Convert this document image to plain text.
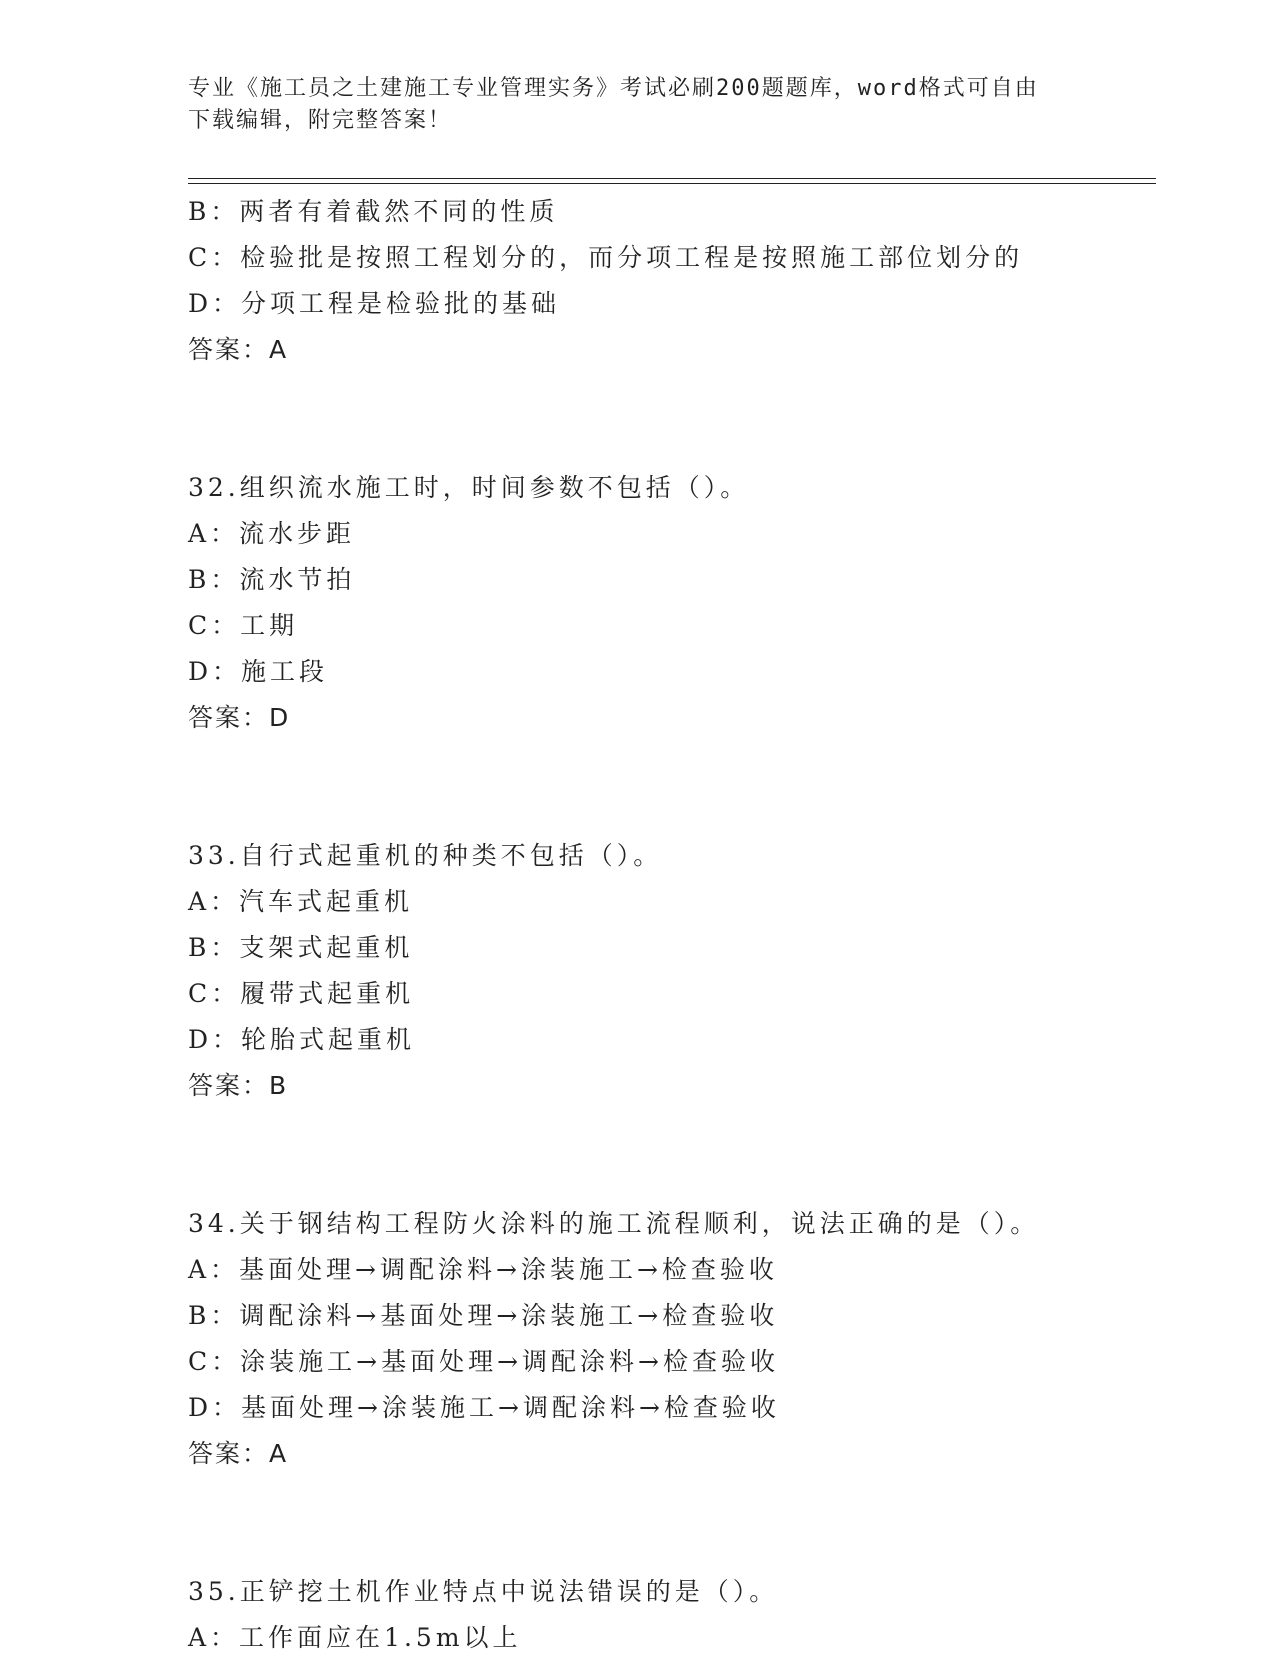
专业《施工员之土建施工专业管理实务》考试必刷200题题库，word格式可自由
下载编辑，附完整答案！
B：两者有着截然不同的性质
C：检验批是按照工程划分的，而分项工程是按照施工部位划分的
D：分项工程是检验批的基础
答案：A
32.组织流水施工时，时间参数不包括（）。
A：流水步距
B：流水节拍
C：工期
D：施工段
答案：D
33.自行式起重机的种类不包括（）。
A：汽车式起重机
B：支架式起重机
C：履带式起重机
D：轮胎式起重机
答案：B
34.关于钢结构工程防火涂料的施工流程顺利，说法正确的是（）。
A：基面处理→调配涂料→涂装施工→检查验收
B：调配涂料→基面处理→涂装施工→检查验收
C：涂装施工→基面处理→调配涂料→检查验收
D：基面处理→涂装施工→调配涂料→检查验收
答案：A
35.正铲挖土机作业特点中说法错误的是（）。
A：工作面应在1.5m以上
